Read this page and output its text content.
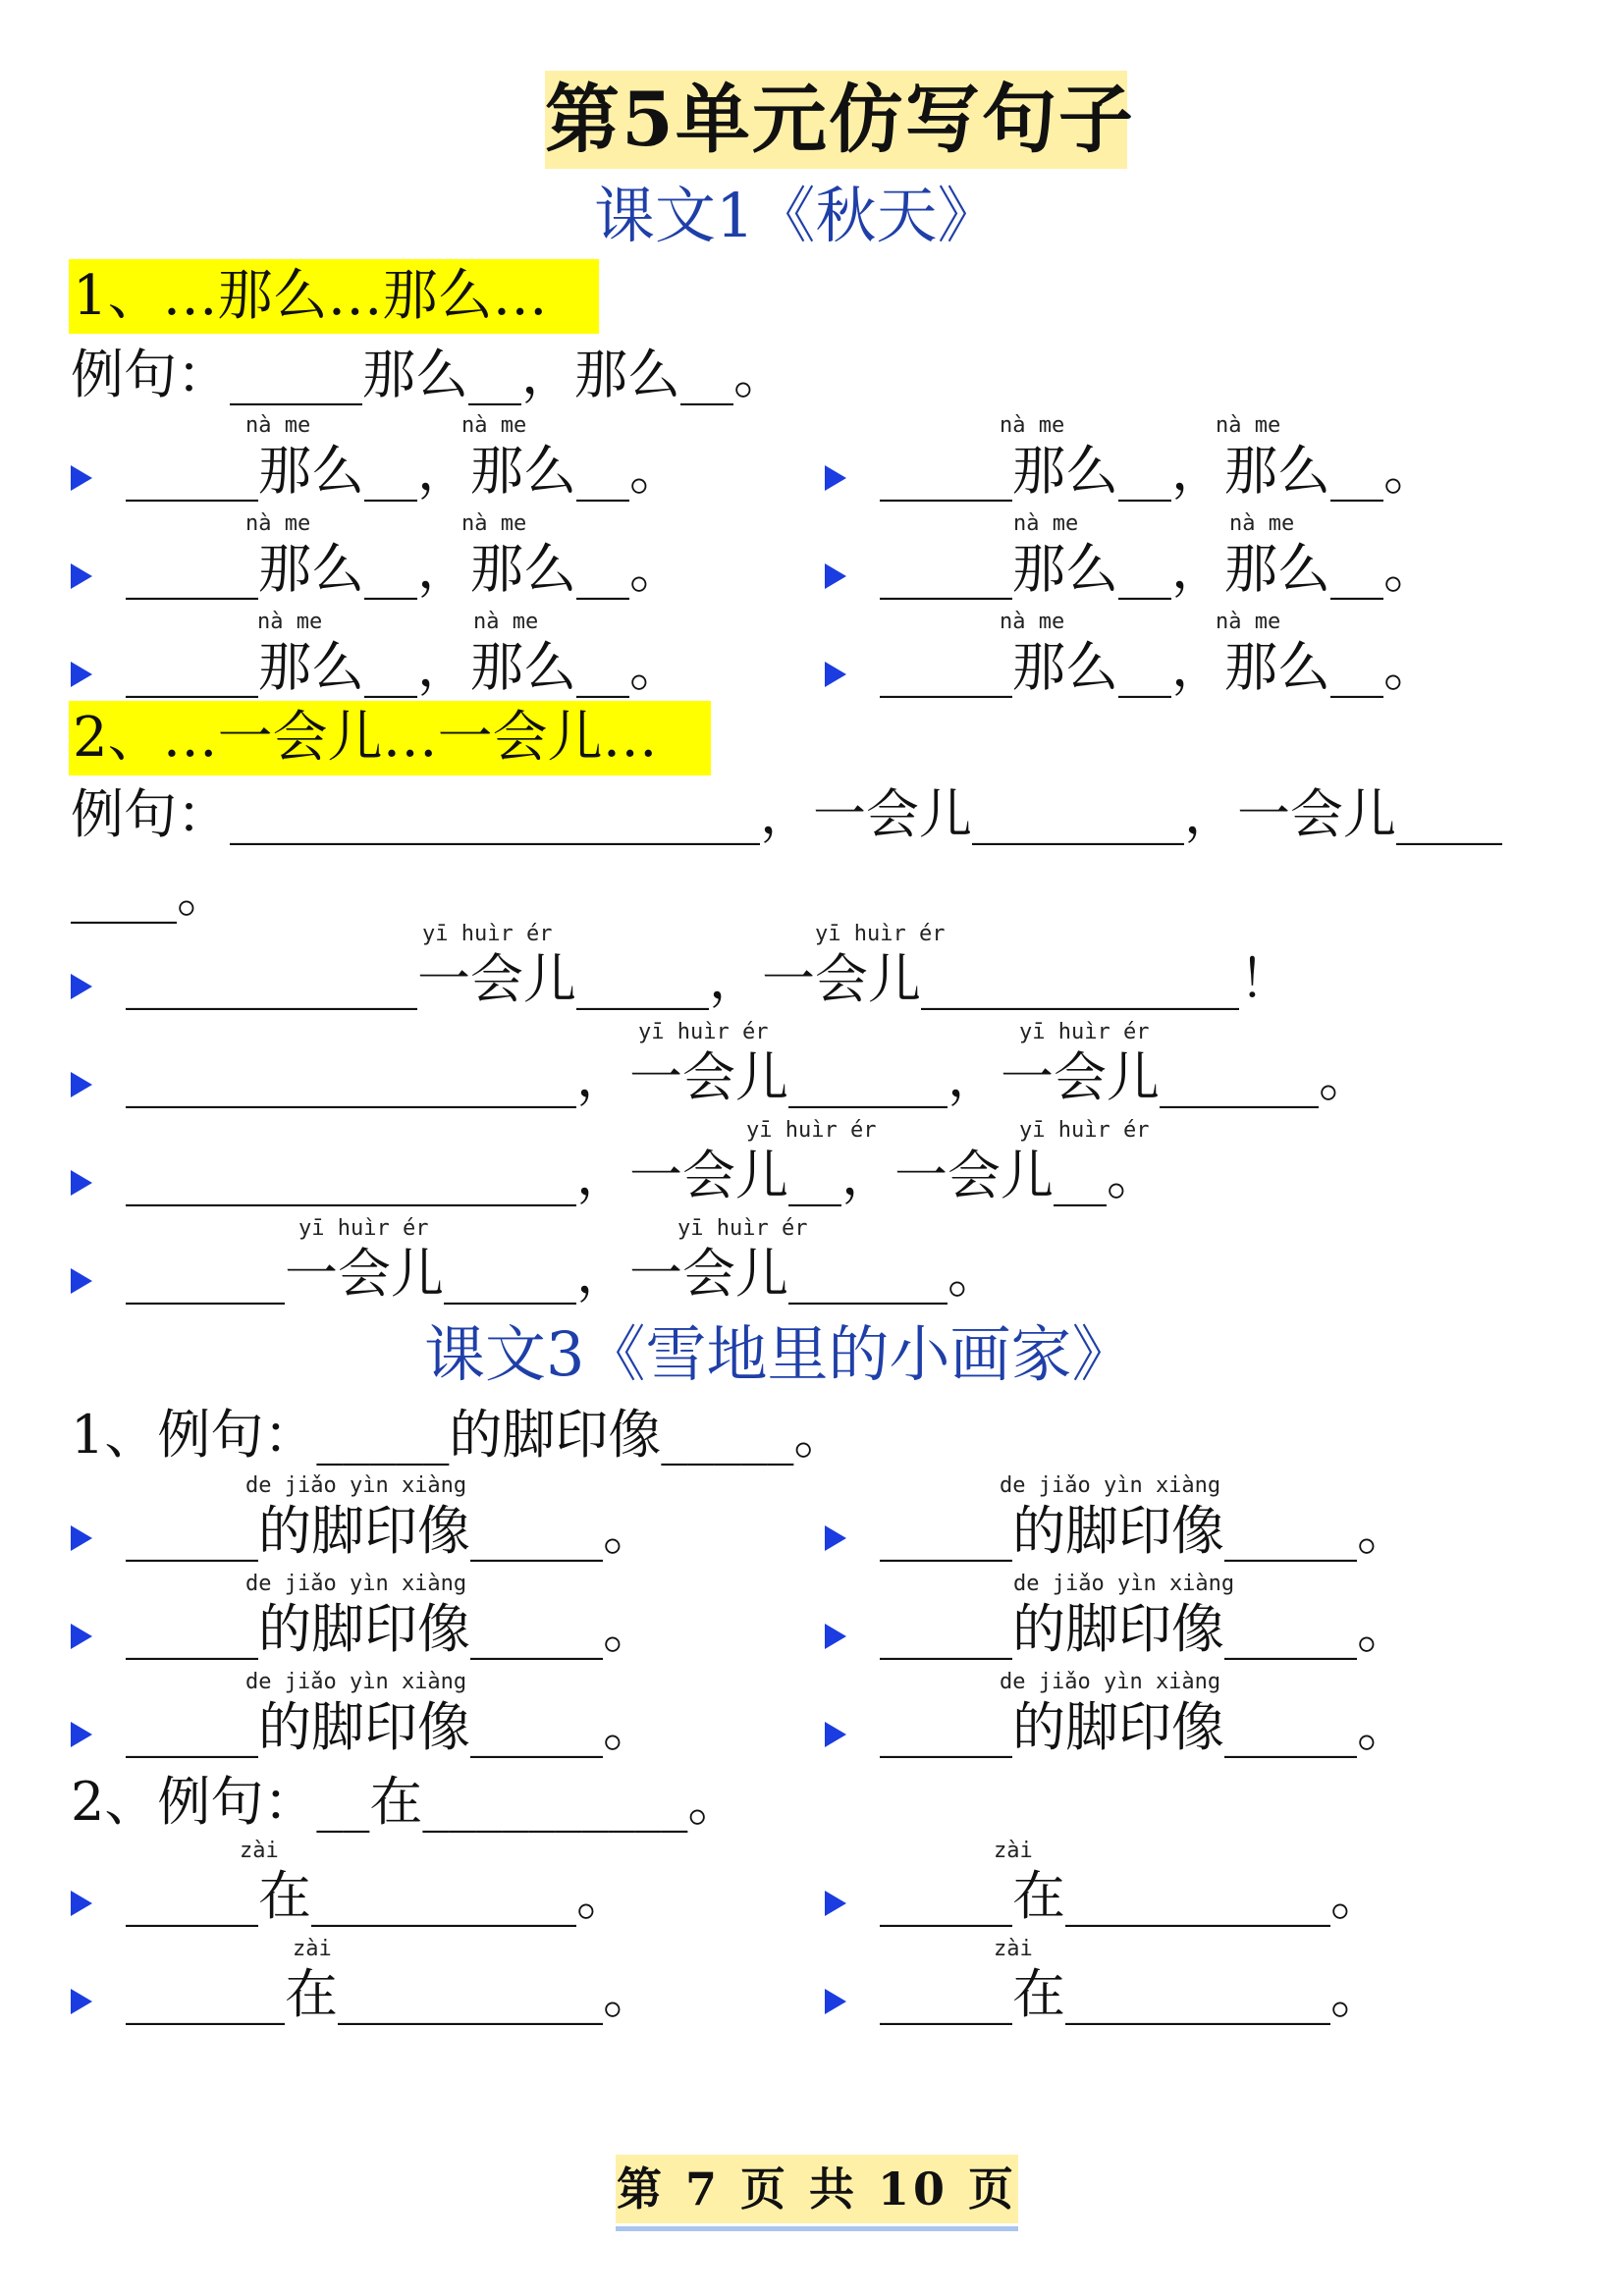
第5单元仿写句子
课文1《秋天》
1、…那么…那么…
例句：_____那么__，那么__。
nà me	nà me
_____那么__，那么__。
nà me	nà me
_____那么__，那么__。
nà me	nà me
_____那么__，那么__。
nà me	nà me
_____那么__，那么__。
nà me	nà me
_____那么__，那么__。
nà me	nà me
_____那么__，那么__。
2、…一会儿…一会儿…
例句：____________________，一会儿________，一会儿____
____。
yī huìr ér	yī huìr ér
___________一会儿_____，一会儿____________！
yī huìr ér	yī huìr ér
_________________，一会儿______，一会儿______。
yī huìr ér	yī huìr ér
_________________，一会儿__，一会儿__。
yī huìr ér	yī huìr ér
______一会儿_____，一会儿______。
课文3《雪地里的小画家》
1、例句：_____的脚印像_____。
de jiǎo yìn xiàng
_____的脚印像_____。
de jiǎo yìn xiàng
_____的脚印像_____。
de jiǎo yìn xiàng
_____的脚印像_____。
de jiǎo yìn xiàng
_____的脚印像_____。
de jiǎo yìn xiàng
_____的脚印像_____。
de jiǎo yìn xiàng
_____的脚印像_____。
2、例句：__在__________。
zài
_____在__________。
zài
_____在__________。
zài
______在__________。
zài
_____在__________。
第 7 页 共 10 页
